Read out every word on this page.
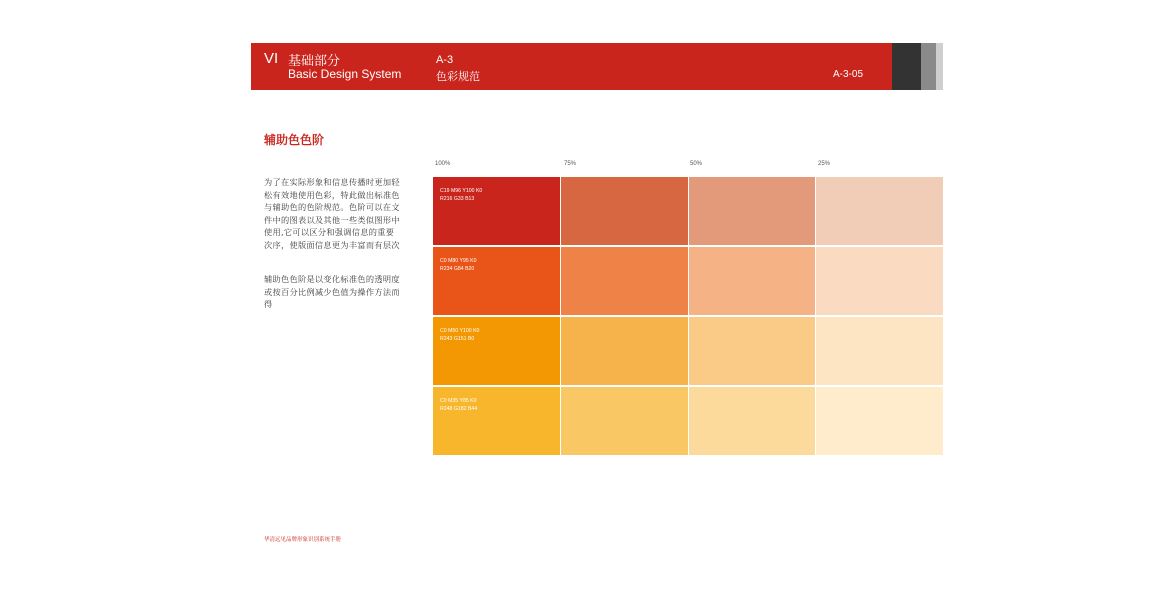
VI 基础部分
Basic Design System
A-3
色彩规范	A-3-05
辅助色色阶
为了在实际形象和信息传播时更加轻松有效地使用色彩，特此做出标准色与辅助色的色阶规范。色阶可以在文件中的图表以及其他一些类似图形中使用,它可以区分和强调信息的重要次序，使版面信息更为丰富而有层次
辅助色色阶是以变化标准色的透明度或按百分比例减少色值为操作方法而得
100%	75%	50%	25%
C19 M96 Y100 K0
R216 G33 B13
C0 M80 Y95 K0
R234 G84 B20
C0 M50 Y100 K0
R243 G151 B0
C0 M35 Y85 K0
R248 G182 B44
华清远见品牌形象识别系统手册
